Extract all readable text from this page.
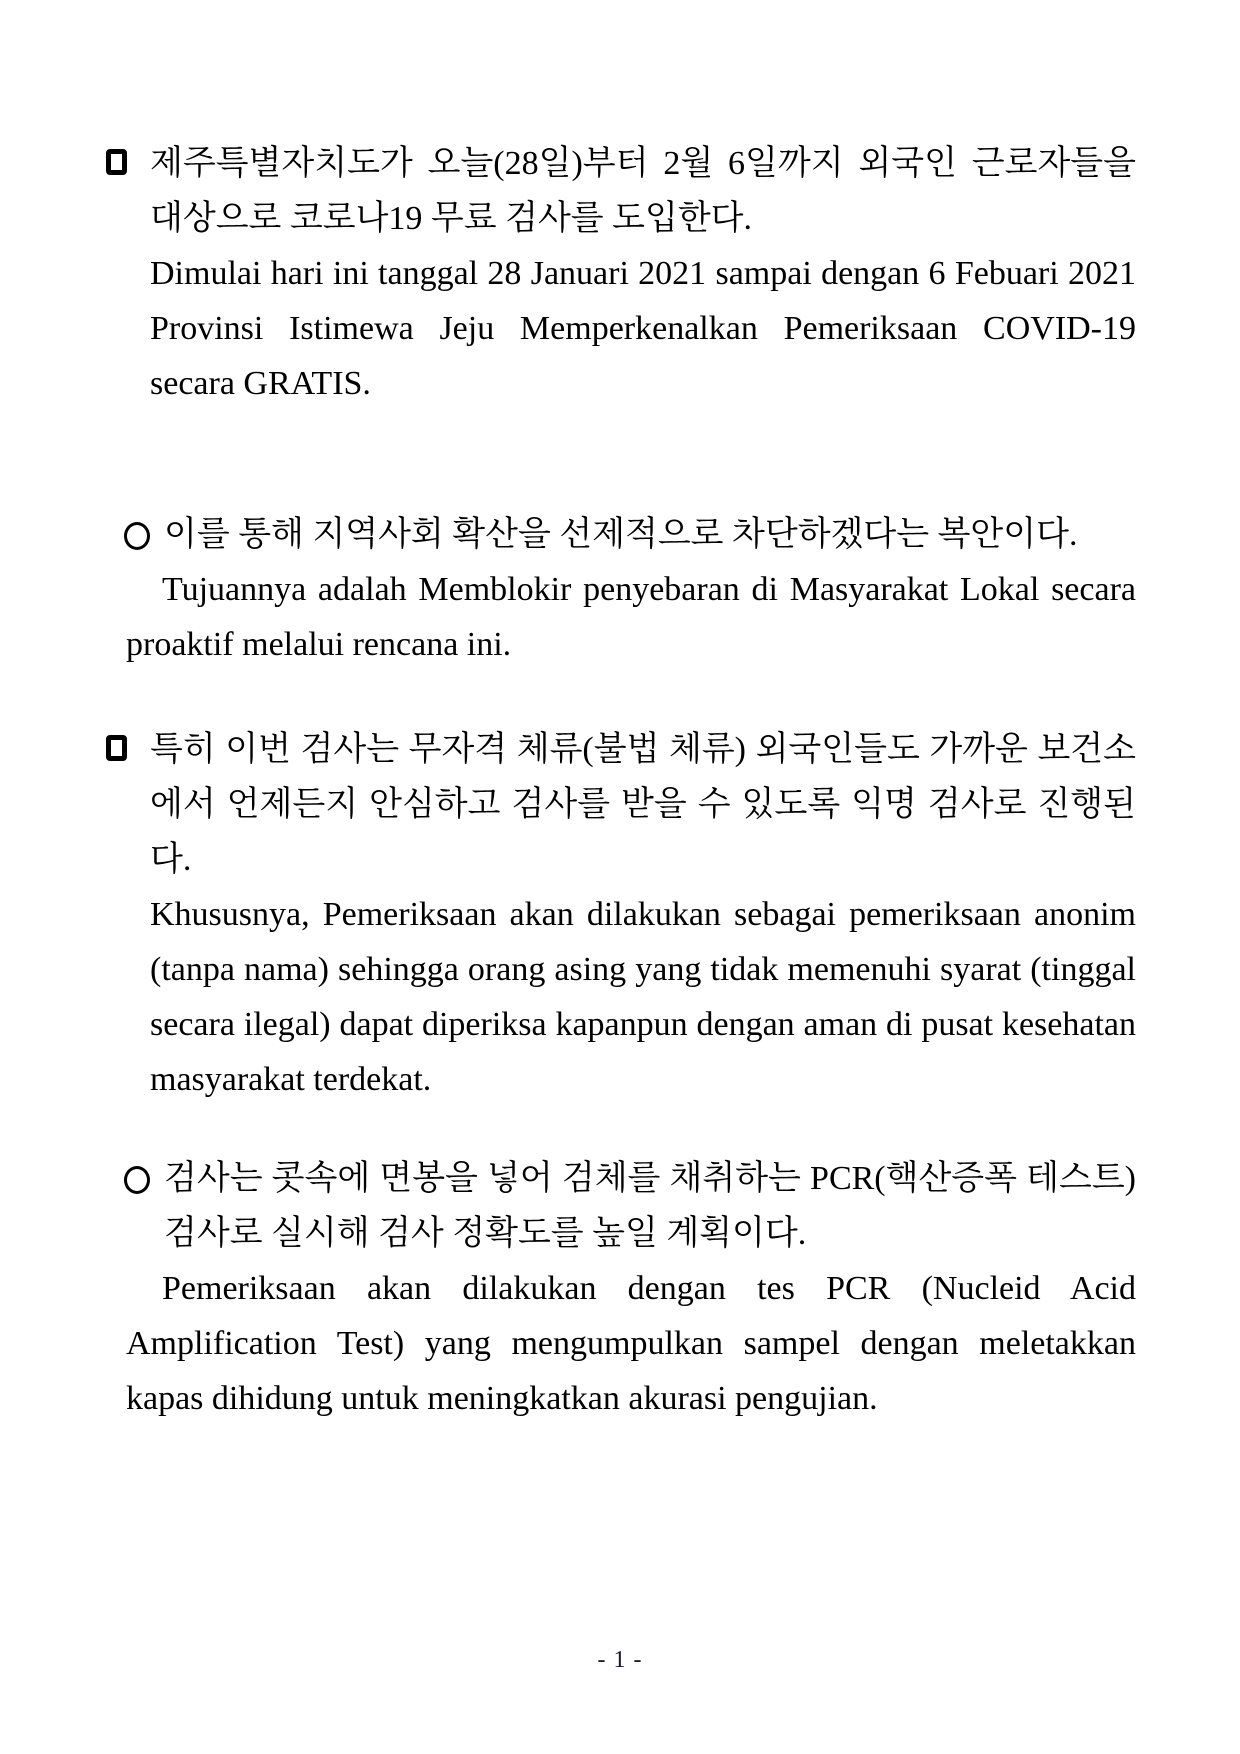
제주특별자치도가 오늘(28일)부터 2월 6일까지 외국인 근로자들을 대상으로 코로나19 무료 검사를 도입한다.

Dimulai hari ini tanggal 28 Januari 2021 sampai dengan 6 Febuari 2021 Provinsi Istimewa Jeju Memperkenalkan Pemeriksaan COVID-19 secara GRATIS.

이를 통해 지역사회 확산을 선제적으로 차단하겠다는 복안이다.

Tujuannya adalah Memblokir penyebaran di Masyarakat Lokal secara proaktif melalui rencana ini.

특히 이번 검사는 무자격 체류(불법 체류) 외국인들도 가까운 보건소에서 언제든지 안심하고 검사를 받을 수 있도록 익명 검사로 진행된다.

Khususnya, Pemeriksaan akan dilakukan sebagai pemeriksaan anonim (tanpa nama) sehingga orang asing yang tidak memenuhi syarat (tinggal secara ilegal) dapat diperiksa kapanpun dengan aman di pusat kesehatan masyarakat terdekat.

검사는 콧속에 면봉을 넣어 검체를 채취하는 PCR(핵산증폭 테스트) 검사로 실시해 검사 정확도를 높일 계획이다.

Pemeriksaan akan dilakukan dengan tes PCR (Nucleid Acid Amplification Test) yang mengumpulkan sampel dengan meletakkan kapas dihidung untuk meningkatkan akurasi pengujian.

- 1 -
